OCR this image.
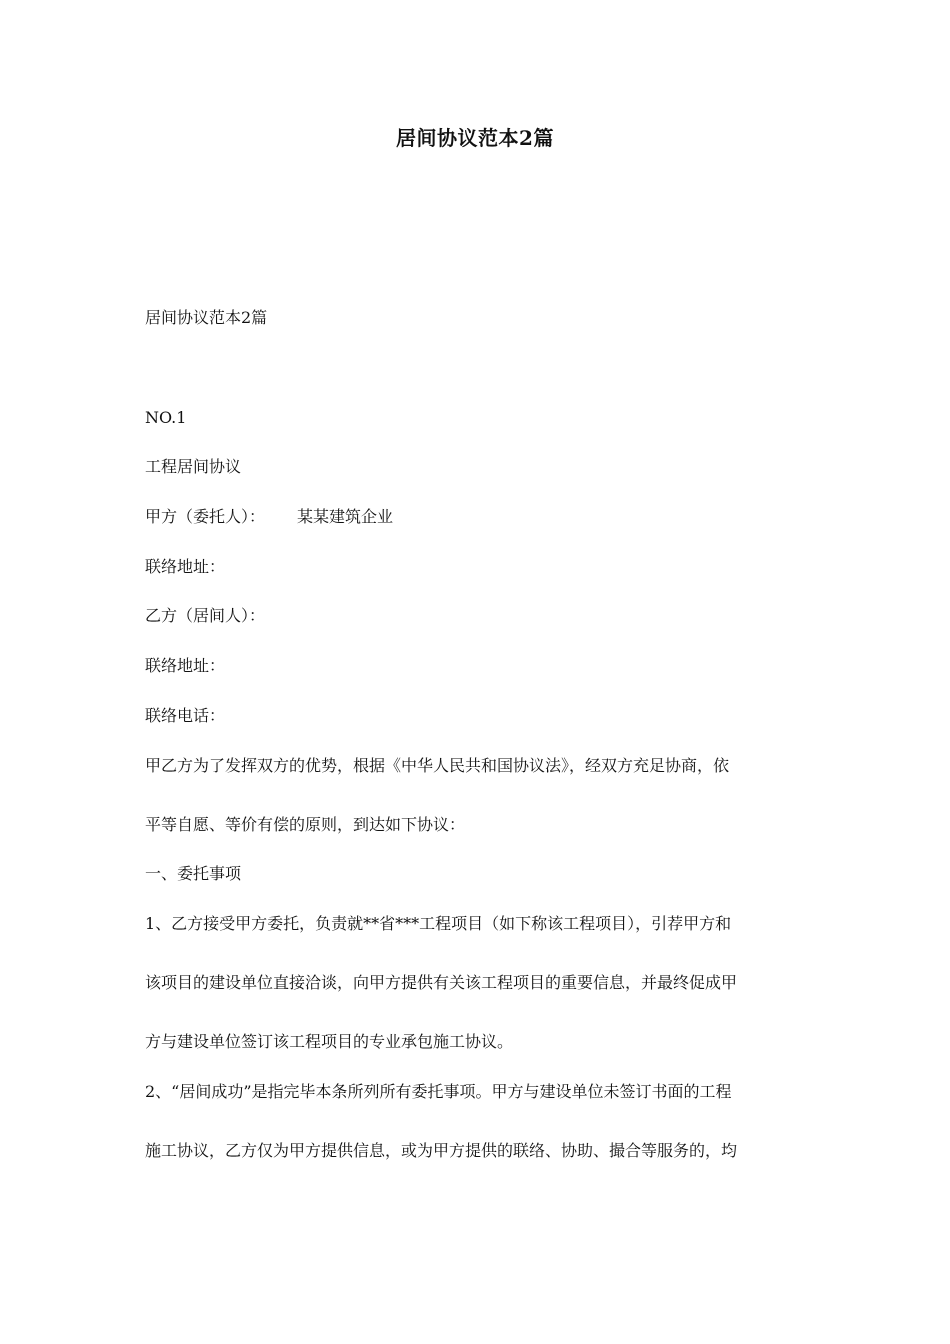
居间协议范本2篇
居间协议范本2篇
NO.1
工程居间协议
甲方（委托人）： 某某建筑企业
联络地址：
乙方（居间人）：
联络地址：
联络电话：
甲乙方为了发挥双方的优势，根据《中华人民共和国协议法》，经双方充足协商，依
平等自愿、等价有偿的原则，到达如下协议：
一、委托事项
1、乙方接受甲方委托，负责就**省***工程项目（如下称该工程项目），引荐甲方和
该项目的建设单位直接洽谈，向甲方提供有关该工程项目的重要信息，并最终促成甲
方与建设单位签订该工程项目的专业承包施工协议。
2、“居间成功”是指完毕本条所列所有委托事项。甲方与建设单位未签订书面的工程
施工协议，乙方仅为甲方提供信息，或为甲方提供的联络、协助、撮合等服务的，均
